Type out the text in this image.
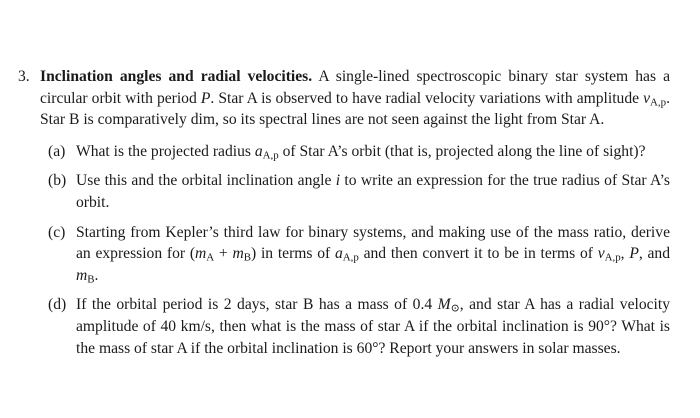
3. Inclination angles and radial velocities. A single-lined spectroscopic binary star system has a circular orbit with period P. Star A is observed to have radial velocity variations with amplitude $v_{A,p}$. Star B is comparatively dim, so its spectral lines are not seen against the light from Star A.

(a) What is the projected radius $a_{A,p}$ of Star A’s orbit (that is, projected along the line of sight)?

(b) Use this and the orbital inclination angle i to write an expression for the true radius of Star A’s orbit.

(c) Starting from Kepler’s third law for binary systems, and making use of the mass ratio, derive an expression for $(m_A + m_B)$ in terms of $a_{A,p}$ and then convert it to be in terms of $v_{A,p}$, P, and $m_B$.

(d) If the orbital period is 2 days, star B has a mass of 0.4 $M_⊙$, and star A has a radial velocity amplitude of 40 km/s, then what is the mass of star A if the orbital inclination is 90°? What is the mass of star A if the orbital inclination is 60°? Report your answers in solar masses.
